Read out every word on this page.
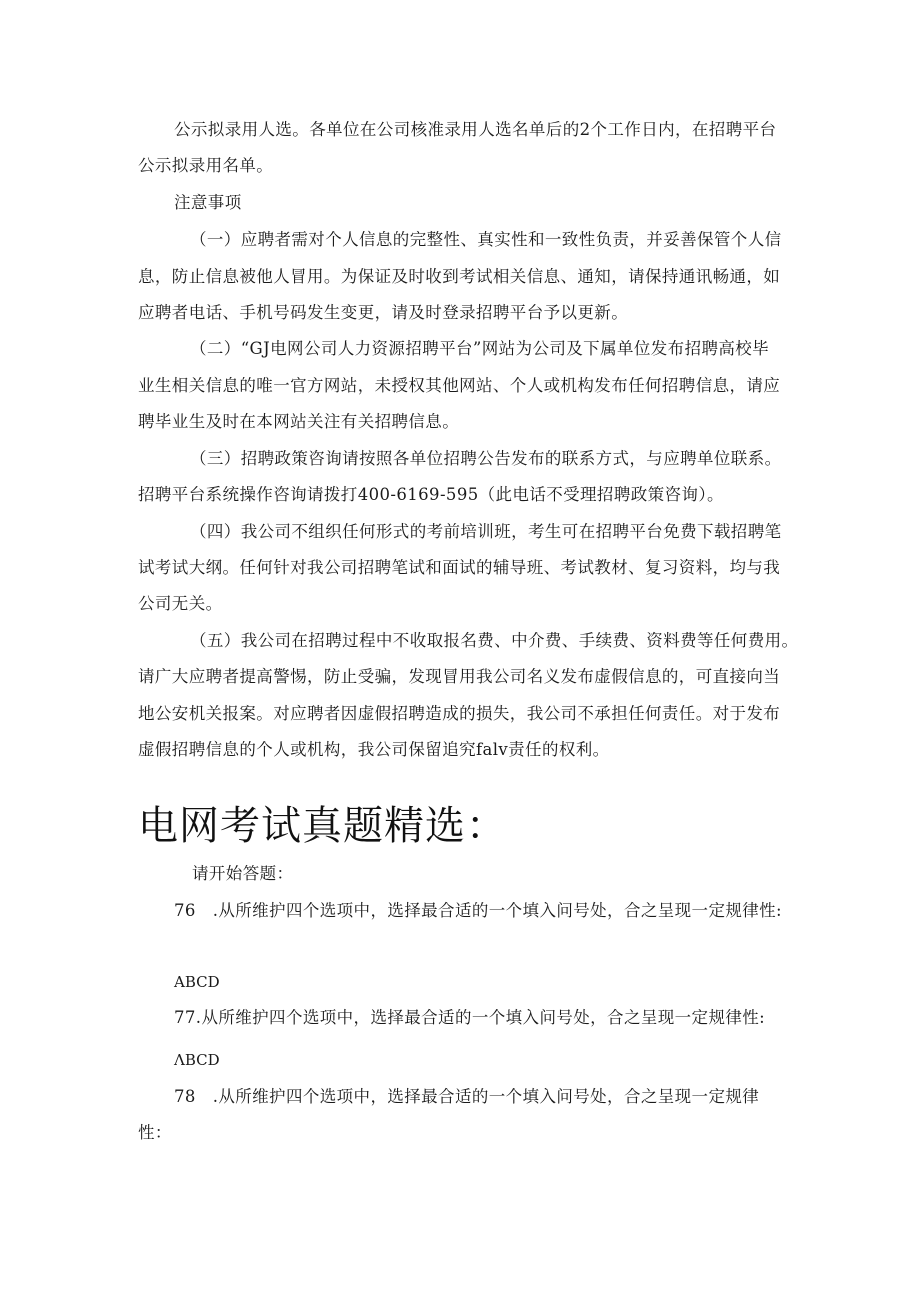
公示拟录用人选。各单位在公司核准录用人选名单后的2个工作日内，在招聘平台
公示拟录用名单。
注意事项
（一）应聘者需对个人信息的完整性、真实性和一致性负责，并妥善保管个人信
息，防止信息被他人冒用。为保证及时收到考试相关信息、通知，请保持通讯畅通，如
应聘者电话、手机号码发生变更，请及时登录招聘平台予以更新。
（二）“GJ电网公司人力资源招聘平台”网站为公司及下属单位发布招聘高校毕
业生相关信息的唯一官方网站，未授权其他网站、个人或机构发布任何招聘信息，请应
聘毕业生及时在本网站关注有关招聘信息。
（三）招聘政策咨询请按照各单位招聘公告发布的联系方式，与应聘单位联系。
招聘平台系统操作咨询请拨打400-6169-595（此电话不受理招聘政策咨询）。
（四）我公司不组织任何形式的考前培训班，考生可在招聘平台免费下载招聘笔
试考试大纲。任何针对我公司招聘笔试和面试的辅导班、考试教材、复习资料，均与我
公司无关。
（五）我公司在招聘过程中不收取报名费、中介费、手续费、资料费等任何费用。
请广大应聘者提高警惕，防止受骗，发现冒用我公司名义发布虚假信息的，可直接向当
地公安机关报案。对应聘者因虚假招聘造成的损失，我公司不承担任何责任。对于发布
虚假招聘信息的个人或机构，我公司保留追究falv责任的权利。
电网考试真题精选：
请开始答题：
76　.从所维护四个选项中，选择最合适的一个填入问号处，合之呈现一定规律性:
ABCD
77.从所维护四个选项中，选择最合适的一个填入问号处，合之呈现一定规律性:
ΛBCD
78　.从所维护四个选项中，选择最合适的一个填入问号处，合之呈现一定规律
性：
